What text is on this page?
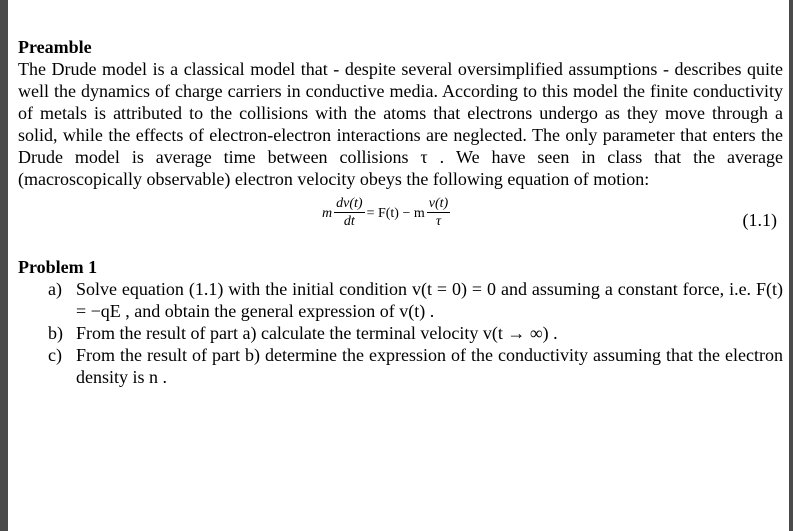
Preamble

The Drude model is a classical model that - despite several oversimplified assumptions - describes quite well the dynamics of charge carriers in conductive media. According to this model the finite conductivity of metals is attributed to the collisions with the atoms that electrons undergo as they move through a solid, while the effects of electron-electron interactions are neglected. The only parameter that enters the Drude model is average time between collisions τ . We have seen in class that the average (macroscopically observable) electron velocity obeys the following equation of motion:

m $\frac{dv(t)}{dt} = F(t) - m \frac{v(t)}{\tau}$	(1.1)
Problem 1
a) Solve equation (1.1) with the initial condition v(t = 0) = 0 and assuming a constant force, i.e. F(t) = −qE , and obtain the general expression of v(t) .
b) From the result of part a) calculate the terminal velocity v(t → ∞) .
c) From the result of part b) determine the expression of the conductivity assuming that the electron density is n .
